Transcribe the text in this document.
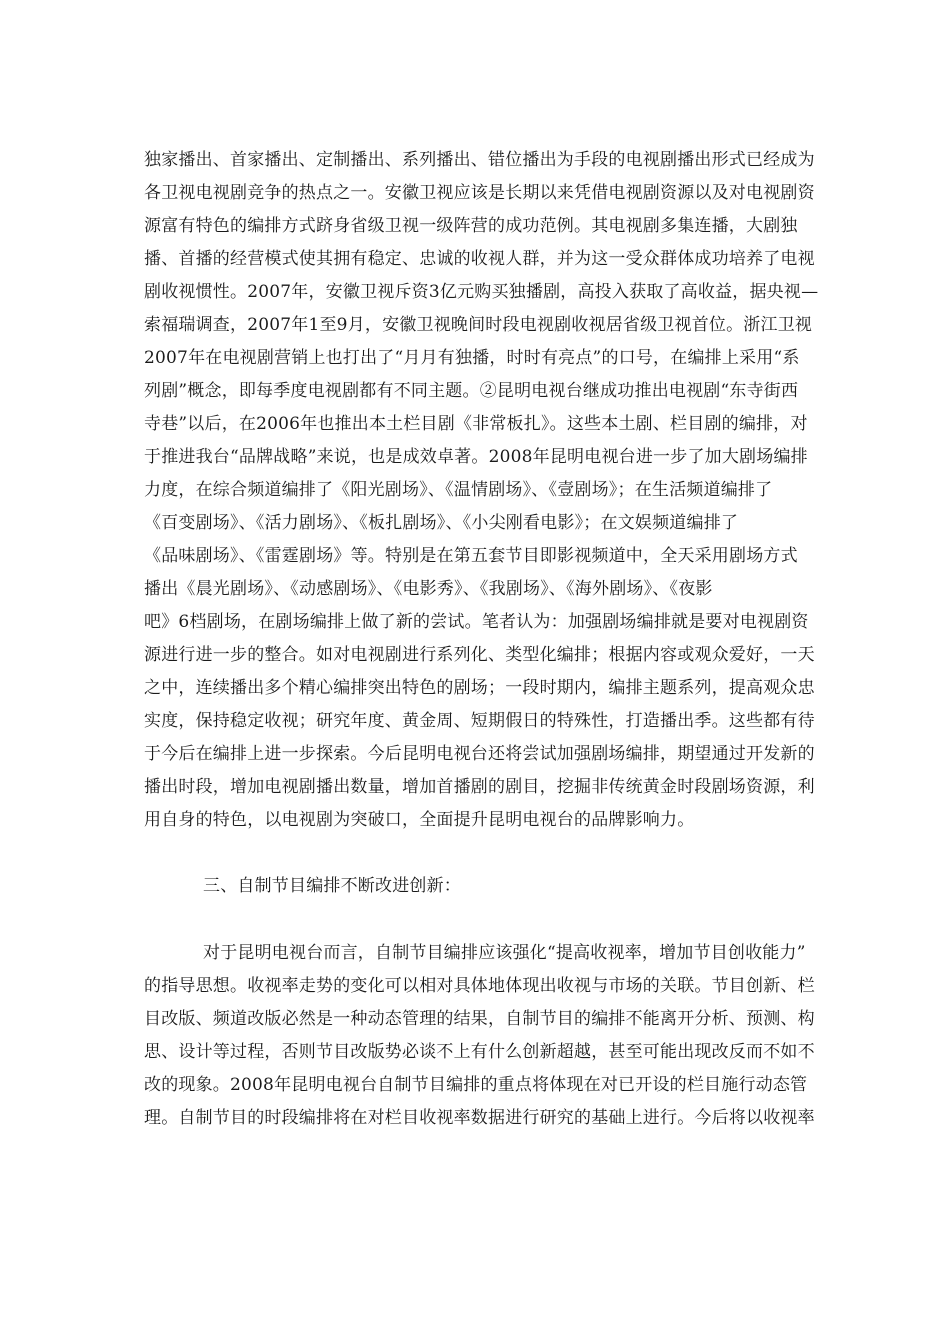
独家播出、首家播出、定制播出、系列播出、错位播出为手段的电视剧播出形式已经成为
各卫视电视剧竞争的热点之一。安徽卫视应该是长期以来凭借电视剧资源以及对电视剧资
源富有特色的编排方式跻身省级卫视一级阵营的成功范例。其电视剧多集连播，大剧独
播、首播的经营模式使其拥有稳定、忠诚的收视人群，并为这一受众群体成功培养了电视
剧收视惯性。2007年，安徽卫视斥资3亿元购买独播剧，高投入获取了高收益，据央视—
索福瑞调查，2007年1至9月，安徽卫视晚间时段电视剧收视居省级卫视首位。浙江卫视
2007年在电视剧营销上也打出了“月月有独播，时时有亮点”的口号，在编排上采用“系
列剧”概念，即每季度电视剧都有不同主题。②昆明电视台继成功推出电视剧“东寺街西
寺巷”以后，在2006年也推出本土栏目剧《非常板扎》。这些本土剧、栏目剧的编排，对
于推进我台“品牌战略”来说，也是成效卓著。2008年昆明电视台进一步了加大剧场编排
力度，在综合频道编排了《阳光剧场》、《温情剧场》、《壹剧场》；在生活频道编排了
《百变剧场》、《活力剧场》、《板扎剧场》、《小尖刚看电影》；在文娱频道编排了
《品味剧场》、《雷霆剧场》等。特别是在第五套节目即影视频道中，全天采用剧场方式
播出《晨光剧场》、《动感剧场》、《电影秀》、《我剧场》、《海外剧场》、《夜影
吧》6档剧场，在剧场编排上做了新的尝试。笔者认为：加强剧场编排就是要对电视剧资
源进行进一步的整合。如对电视剧进行系列化、类型化编排；根据内容或观众爱好，一天
之中，连续播出多个精心编排突出特色的剧场；一段时期内，编排主题系列，提高观众忠
实度，保持稳定收视；研究年度、黄金周、短期假日的特殊性，打造播出季。这些都有待
于今后在编排上进一步探索。今后昆明电视台还将尝试加强剧场编排，期望通过开发新的
播出时段，增加电视剧播出数量，增加首播剧的剧目，挖掘非传统黄金时段剧场资源，利
用自身的特色，以电视剧为突破口，全面提升昆明电视台的品牌影响力。
三、自制节目编排不断改进创新：
对于昆明电视台而言，自制节目编排应该强化“提高收视率，增加节目创收能力”
的指导思想。收视率走势的变化可以相对具体地体现出收视与市场的关联。节目创新、栏
目改版、频道改版必然是一种动态管理的结果，自制节目的编排不能离开分析、预测、构
思、设计等过程，否则节目改版势必谈不上有什么创新超越，甚至可能出现改反而不如不
改的现象。2008年昆明电视台自制节目编排的重点将体现在对已开设的栏目施行动态管
理。自制节目的时段编排将在对栏目收视率数据进行研究的基础上进行。今后将以收视率
